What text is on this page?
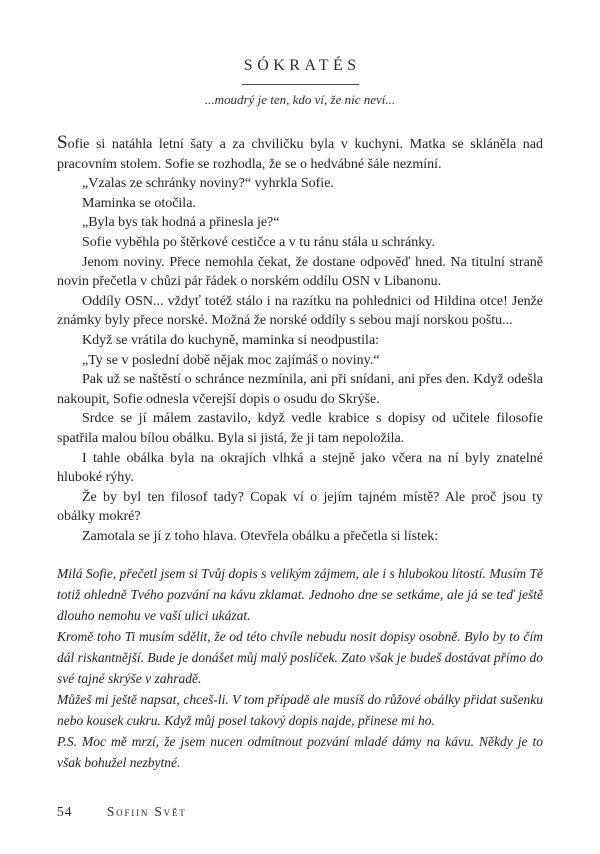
SÓKRATÉS

...moudrý je ten, kdo ví, že nic neví...

Sofie si natáhla letní šaty a za chviličku byla v kuchyni. Matka se skláněla nad pracovním stolem. Sofie se rozhodla, že se o hedvábné šále nezmíní.

„Vzalas ze schránky noviny?“ vyhrkla Sofie.

Maminka se otočila.

„Byla bys tak hodná a přinesla je?“

Sofie vyběhla po štěrkové cestičce a v tu ránu stála u schránky.

Jenom noviny. Přece nemohla čekat, že dostane odpověď hned. Na titulní straně novin přečetla v chůzi pár řádek o norském oddílu OSN v Libanonu.

Oddíly OSN... vždyť totéž stálo i na razítku na pohlednici od Hildina otce! Jenže známky byly přece norské. Možná že norské oddíly s sebou mají norskou poštu...

Když se vrátila do kuchyně, maminka si neodpustila:

„Ty se v poslední době nějak moc zajímáš o noviny.“

Pak už se naštěstí o schránce nezmínila, ani při snídani, ani přes den. Když odešla nakoupit, Sofie odnesla včerejší dopis o osudu do Skrýše.

Srdce se jí málem zastavilo, když vedle krabice s dopisy od učitele filosofie spatřila malou bílou obálku. Byla si jistá, že ji tam nepoložila.

I tahle obálka byla na okrajích vlhká a stejně jako včera na ní byly znatelné hluboké rýhy.

Že by byl ten filosof tady? Copak ví o jejím tajném místě? Ale proč jsou ty obálky mokré?

Zamotala se jí z toho hlava. Otevřela obálku a přečetla si lístek:

Milá Sofie, přečetl jsem si Tvůj dopis s velikým zájmem, ale i s hlubokou lítostí. Musím Tě totiž ohledně Tvého pozvání na kávu zklamat. Jednoho dne se setkáme, ale já se teď ještě dlouho nemohu ve vaší ulici ukázat.

Kromě toho Ti musím sdělit, že od této chvíle nebudu nosit dopisy osobně. Bylo by to čím dál riskantnější. Bude je donášet můj malý poslíček. Zato však je budeš dostávat přímo do své tajné skrýše v zahradě.

Můžeš mi ještě napsat, chceš-li. V tom případě ale musíš do růžové obálky přidat sušenku nebo kousek cukru. Když můj posel takový dopis najde, přinese mi ho.

P.S. Moc mě mrzí, že jsem nucen odmítnout pozvání mladé dámy na kávu. Někdy je to však bohužel nezbytné.

54	Sofiin Svět
